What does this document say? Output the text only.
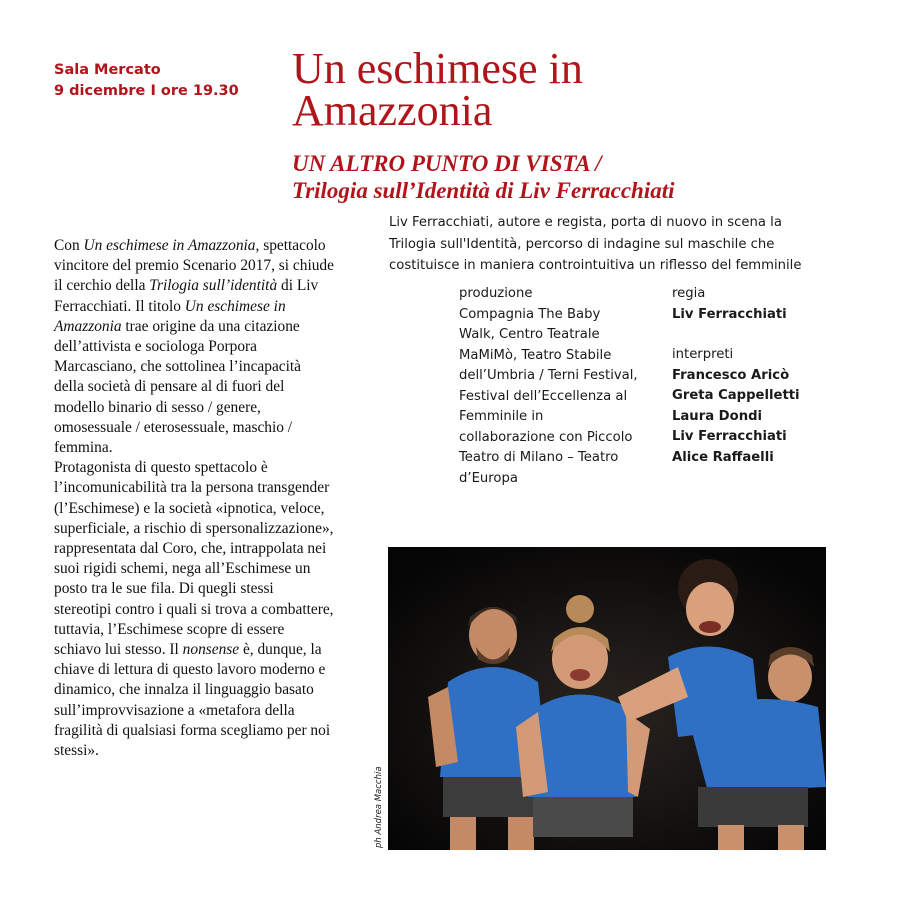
Sala Mercato
9 dicembre I ore 19.30 Un eschimese in Amazzonia
UN ALTRO PUNTO DI VISTA /
Trilogia sull’Identità di Liv Ferracchiati
Liv Ferracchiati, autore e regista, porta di nuovo in scena la Trilogia sull'Identità, percorso di indagine sul maschile che costituisce in maniera controintuitiva un riflesso del femminile

Con Un eschimese in Amazzonia, spettacolo vincitore del premio Scenario 2017, si chiude il cerchio della Trilogia sull’identità di Liv Ferracchiati. Il titolo Un eschimese in Amazzonia trae origine da una citazione dell’attivista e sociologa Porpora Marcasciano, che sottolinea l’incapacità della società di pensare al di fuori del modello binario di sesso / genere, omosessuale / eterosessuale, maschio / femmina.

Protagonista di questo spettacolo è l’incomunicabilità tra la persona transgender (l’Eschimese) e la società «ipnotica, veloce, superficiale, a rischio di spersonalizzazione», rappresentata dal Coro, che, intrappolata nei suoi rigidi schemi, nega all’Eschimese un posto tra le sue fila. Di quegli stessi stereotipi contro i quali si trova a combattere, tuttavia, l’Eschimese scopre di essere schiavo lui stesso. Il nonsense è, dunque, la chiave di lettura di questo lavoro moderno e dinamico, che innalza il linguaggio basato sull’improvvisazione a «metafora della fragilità di qualsiasi forma scegliamo per noi stessi».

produzione
Compagnia The Baby Walk, Centro Teatrale MaMiMò, Teatro Stabile dell’Umbria / Terni Festival, Festival dell’Eccellenza al Femminile in collaborazione con Piccolo Teatro di Milano – Teatro d’Europa
regia
Liv Ferracchiati
interpreti
Francesco Aricò
Greta Cappelletti
Laura Dondi
Liv Ferracchiati
Alice Raffaelli
ph Andrea Macchia
